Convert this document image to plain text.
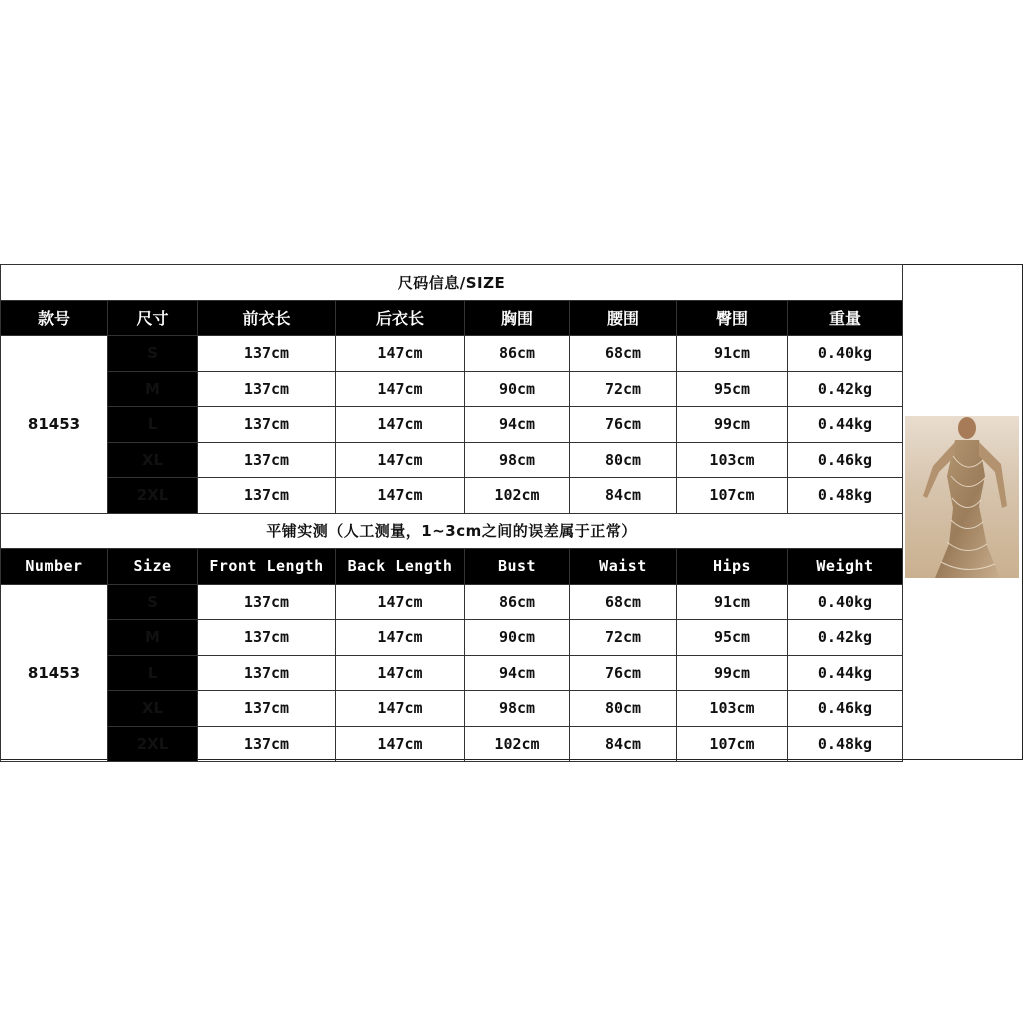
尺码信息/SIZE							
款号	尺寸	前衣长	后衣长	胸围	腰围	臀围	重量
81453	S	137cm	147cm	86cm	68cm	91cm	0.40kg
	M	137cm	147cm	90cm	72cm	95cm	0.42kg
	L	137cm	147cm	94cm	76cm	99cm	0.44kg
	XL	137cm	147cm	98cm	80cm	103cm	0.46kg
	2XL	137cm	147cm	102cm	84cm	107cm	0.48kg
平铺实测（人工测量，1~3cm之间的误差属于正常）							
Number	Size	Front Length	Back Length	Bust	Waist	Hips	Weight
81453	S	137cm	147cm	86cm	68cm	91cm	0.40kg
	M	137cm	147cm	90cm	72cm	95cm	0.42kg
	L	137cm	147cm	94cm	76cm	99cm	0.44kg
	XL	137cm	147cm	98cm	80cm	103cm	0.46kg
	2XL	137cm	147cm	102cm	84cm	107cm	0.48kg
